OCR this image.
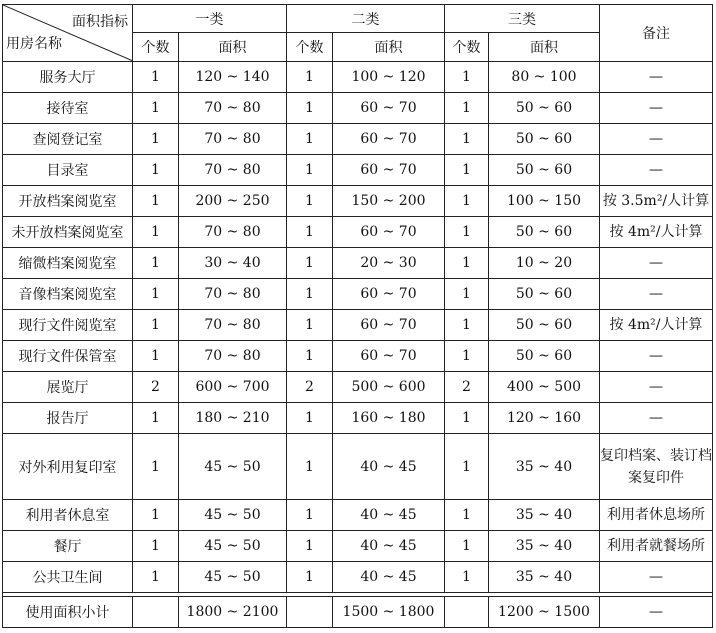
面积指标
用房名称	一类		二类		三类		备注
	个数	面积	个数	面积	个数	面积	
服务大厅	1	120 ~ 140	1	100 ~ 120	1	80 ~ 100	—
接待室	1	70 ~ 80	1	60 ~ 70	1	50 ~ 60	—
查阅登记室	1	70 ~ 80	1	60 ~ 70	1	50 ~ 60	—
目录室	1	70 ~ 80	1	60 ~ 70	1	50 ~ 60	—
开放档案阅览室	1	200 ~ 250	1	150 ~ 200	1	100 ~ 150	按 3.5m²/人计算
未开放档案阅览室	1	70 ~ 80	1	60 ~ 70	1	50 ~ 60	按 4m²/人计算
缩微档案阅览室	1	30 ~ 40	1	20 ~ 30	1	10 ~ 20	—
音像档案阅览室	1	70 ~ 80	1	60 ~ 70	1	50 ~ 60	—
现行文件阅览室	1	70 ~ 80	1	60 ~ 70	1	50 ~ 60	按 4m²/人计算
现行文件保管室	1	70 ~ 80	1	60 ~ 70	1	50 ~ 60	—
展览厅	2	600 ~ 700	2	500 ~ 600	2	400 ~ 500	—
报告厅	1	180 ~ 210	1	160 ~ 180	1	120 ~ 160	—
对外利用复印室	1	45 ~ 50	1	40 ~ 45	1	35 ~ 40	复印档案、装订档案复印件
利用者休息室	1	45 ~ 50	1	40 ~ 45	1	35 ~ 40	利用者休息场所
餐厅	1	45 ~ 50	1	40 ~ 45	1	35 ~ 40	利用者就餐场所
公共卫生间	1	45 ~ 50	1	40 ~ 45	1	35 ~ 40	—

使用面积小计		1800 ~ 2100		1500 ~ 1800		1200 ~ 1500	—
